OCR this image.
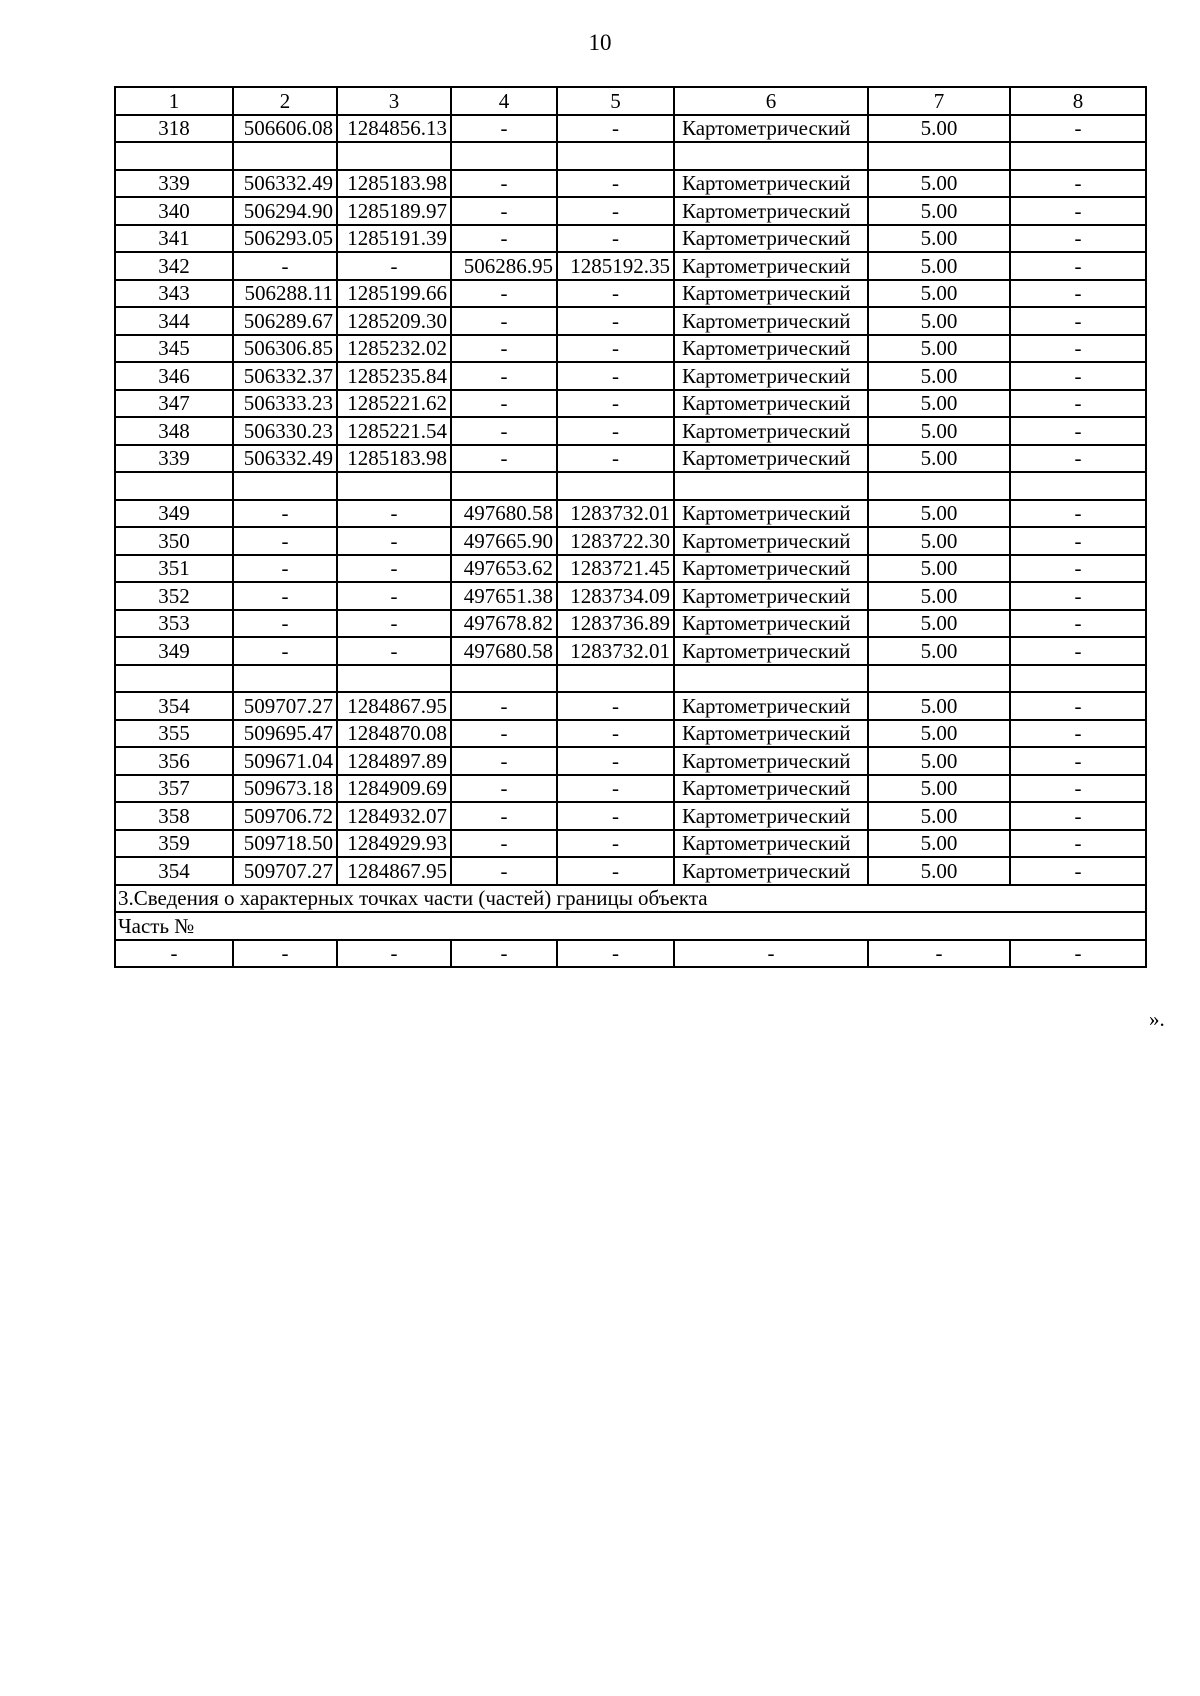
10
1	2	3	4	5	6	7	8
318	506606.08	1284856.13	-	-	Картометрический	5.00	-

339	506332.49	1285183.98	-	-	Картометрический	5.00	-
340	506294.90	1285189.97	-	-	Картометрический	5.00	-
341	506293.05	1285191.39	-	-	Картометрический	5.00	-
342	-	-	506286.95	1285192.35	Картометрический	5.00	-
343	506288.11	1285199.66	-	-	Картометрический	5.00	-
344	506289.67	1285209.30	-	-	Картометрический	5.00	-
345	506306.85	1285232.02	-	-	Картометрический	5.00	-
346	506332.37	1285235.84	-	-	Картометрический	5.00	-
347	506333.23	1285221.62	-	-	Картометрический	5.00	-
348	506330.23	1285221.54	-	-	Картометрический	5.00	-
339	506332.49	1285183.98	-	-	Картометрический	5.00	-

349	-	-	497680.58	1283732.01	Картометрический	5.00	-
350	-	-	497665.90	1283722.30	Картометрический	5.00	-
351	-	-	497653.62	1283721.45	Картометрический	5.00	-
352	-	-	497651.38	1283734.09	Картометрический	5.00	-
353	-	-	497678.82	1283736.89	Картометрический	5.00	-
349	-	-	497680.58	1283732.01	Картометрический	5.00	-

354	509707.27	1284867.95	-	-	Картометрический	5.00	-
355	509695.47	1284870.08	-	-	Картометрический	5.00	-
356	509671.04	1284897.89	-	-	Картометрический	5.00	-
357	509673.18	1284909.69	-	-	Картометрический	5.00	-
358	509706.72	1284932.07	-	-	Картометрический	5.00	-
359	509718.50	1284929.93	-	-	Картометрический	5.00	-
354	509707.27	1284867.95	-	-	Картометрический	5.00	-
3.Сведения о характерных точках части (частей) границы объекта							
Часть №							
-	-	-	-	-	-	-	-
».
